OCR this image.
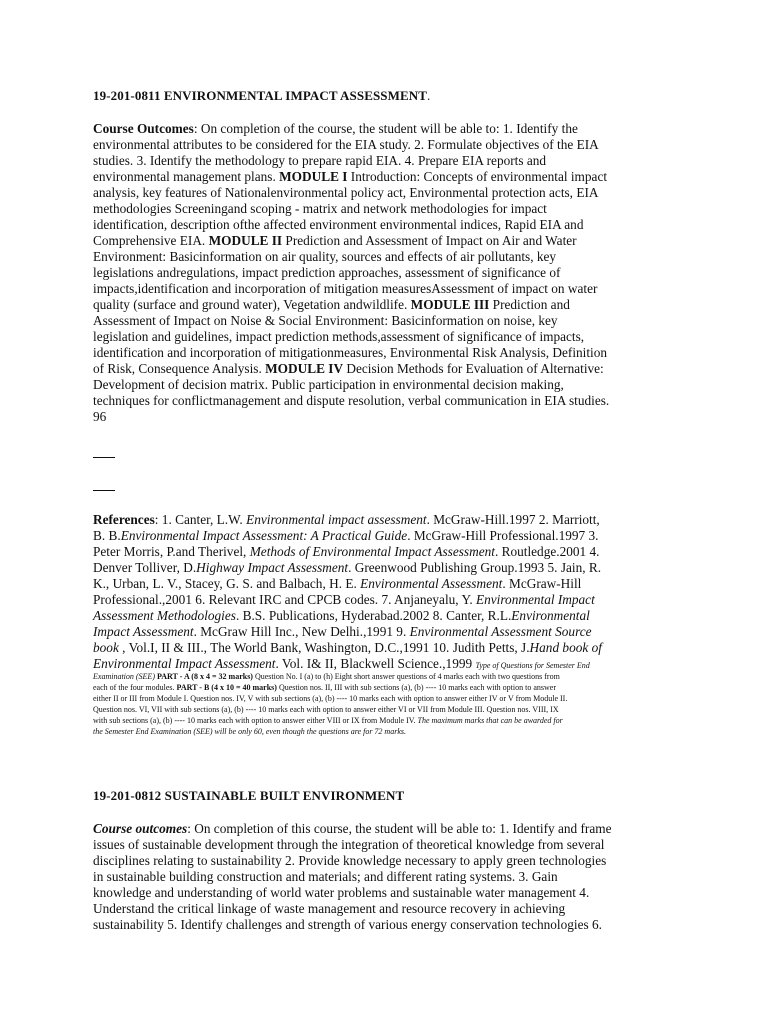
19-201-0811 ENVIRONMENTAL IMPACT ASSESSMENT.
Course Outcomes: On completion of the course, the student will be able to: 1. Identify the
environmental attributes to be considered for the EIA study. 2. Formulate objectives of the EIA
studies. 3. Identify the methodology to prepare rapid EIA. 4. Prepare EIA reports and
environmental management plans. MODULE I Introduction: Concepts of environmental impact
analysis, key features of Nationalenvironmental policy act, Environmental protection acts, EIA
methodologies Screeningand scoping - matrix and network methodologies for impact
identification, description ofthe affected environment environmental indices, Rapid EIA and
Comprehensive EIA. MODULE II Prediction and Assessment of Impact on Air and Water
Environment: Basicinformation on air quality, sources and effects of air pollutants, key
legislations andregulations, impact prediction approaches, assessment of significance of
impacts,identification and incorporation of mitigation measuresAssessment of impact on water
quality (surface and ground water), Vegetation andwildlife. MODULE III Prediction and
Assessment of Impact on Noise & Social Environment: Basicinformation on noise, key
legislation and guidelines, impact prediction methods,assessment of significance of impacts,
identification and incorporation of mitigationmeasures, Environmental Risk Analysis, Definition
of Risk, Consequence Analysis. MODULE IV Decision Methods for Evaluation of Alternative:
Development of decision matrix. Public participation in environmental decision making,
techniques for conflictmanagement and dispute resolution, verbal communication in EIA studies.
96
References: 1. Canter, L.W. Environmental impact assessment. McGraw-Hill.1997 2. Marriott,
B. B.Environmental Impact Assessment: A Practical Guide. McGraw-Hill Professional.1997 3.
Peter Morris, P.and Therivel, Methods of Environmental Impact Assessment. Routledge.2001 4.
Denver Tolliver, D.Highway Impact Assessment. Greenwood Publishing Group.1993 5. Jain, R.
K., Urban, L. V., Stacey, G. S. and Balbach, H. E. Environmental Assessment. McGraw-Hill
Professional.,2001 6. Relevant IRC and CPCB codes. 7. Anjaneyalu, Y. Environmental Impact
Assessment Methodologies. B.S. Publications, Hyderabad.2002 8. Canter, R.L.Environmental
Impact Assessment. McGraw Hill Inc., New Delhi.,1991 9. Environmental Assessment Source
book , Vol.I, II & III., The World Bank, Washington, D.C.,1991 10. Judith Petts, J.Hand book of
Environmental Impact Assessment. Vol. I& II, Blackwell Science.,1999 Type of Questions for Semester End
Examination (SEE) PART - A (8 x 4 = 32 marks) Question No. I (a) to (h) Eight short answer questions of 4 marks each with two questions from
each of the four modules. PART - B (4 x 10 = 40 marks) Question nos. II, III with sub sections (a), (b) ---- 10 marks each with option to answer
either II or III from Module I. Question nos. IV, V with sub sections (a), (b) ---- 10 marks each with option to answer either IV or V from Module II.
Question nos. VI, VII with sub sections (a), (b) ---- 10 marks each with option to answer either VI or VII from Module III. Question nos. VIII, IX
with sub sections (a), (b) ---- 10 marks each with option to answer either VIII or IX from Module IV. The maximum marks that can be awarded for
the Semester End Examination (SEE) will be only 60, even though the questions are for 72 marks.
19-201-0812 SUSTAINABLE BUILT ENVIRONMENT
Course outcomes: On completion of this course, the student will be able to: 1. Identify and frame
issues of sustainable development through the integration of theoretical knowledge from several
disciplines relating to sustainability 2. Provide knowledge necessary to apply green technologies
in sustainable building construction and materials; and different rating systems. 3. Gain
knowledge and understanding of world water problems and sustainable water management 4.
Understand the critical linkage of waste management and resource recovery in achieving
sustainability 5. Identify challenges and strength of various energy conservation technologies 6.
